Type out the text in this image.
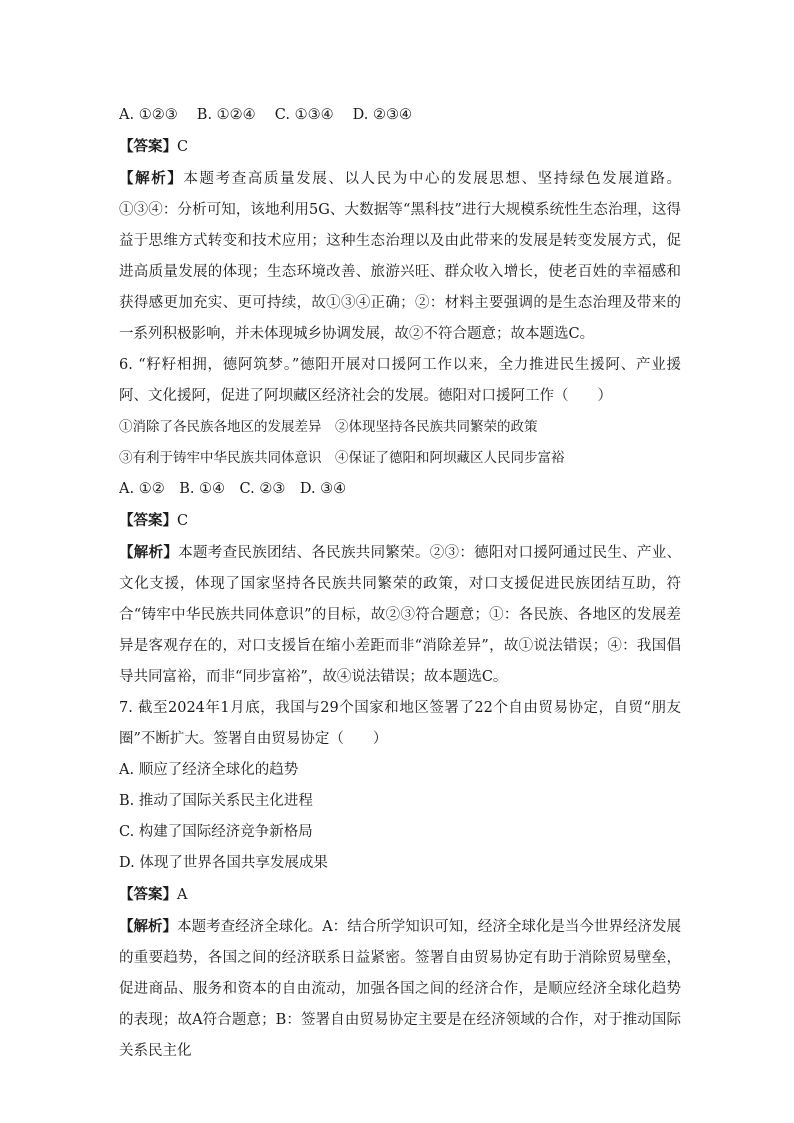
A. ①②③　 B. ①②④　 C. ①③④　 D. ②③④
【答案】C
【解析】本题考查高质量发展、以人民为中心的发展思想、坚持绿色发展道路。①③④：分析可知，该地利用5G、大数据等“黑科技”进行大规模系统性生态治理，这得益于思维方式转变和技术应用；这种生态治理以及由此带来的发展是转变发展方式，促进高质量发展的体现；生态环境改善、旅游兴旺、群众收入增长，使老百姓的幸福感和获得感更加充实、更可持续，故①③④正确；②：材料主要强调的是生态治理及带来的一系列积极影响，并未体现城乡协调发展，故②不符合题意；故本题选C。
6. “籽籽相拥，德阿筑梦。”德阳开展对口援阿工作以来，全力推进民生援阿、产业援阿、文化援阿，促进了阿坝藏区经济社会的发展。德阳对口援阿工作（　　）
①消除了各民族各地区的发展差异　②体现坚持各民族共同繁荣的政策
③有利于铸牢中华民族共同体意识　④保证了德阳和阿坝藏区人民同步富裕
A. ①②　B. ①④　C. ②③　D. ③④
【答案】C
【解析】本题考查民族团结、各民族共同繁荣。②③：德阳对口援阿通过民生、产业、文化支援，体现了国家坚持各民族共同繁荣的政策，对口支援促进民族团结互助，符合“铸牢中华民族共同体意识”的目标，故②③符合题意；①：各民族、各地区的发展差异是客观存在的，对口支援旨在缩小差距而非“消除差异”，故①说法错误；④：我国倡导共同富裕，而非“同步富裕”，故④说法错误；故本题选C。
7. 截至2024年1月底，我国与29个国家和地区签署了22个自由贸易协定，自贸“朋友圈”不断扩大。签署自由贸易协定（　　）
A. 顺应了经济全球化的趋势
B. 推动了国际关系民主化进程
C. 构建了国际经济竞争新格局
D. 体现了世界各国共享发展成果
【答案】A
【解析】本题考查经济全球化。A：结合所学知识可知，经济全球化是当今世界经济发展的重要趋势，各国之间的经济联系日益紧密。签署自由贸易协定有助于消除贸易壁垒，促进商品、服务和资本的自由流动，加强各国之间的经济合作，是顺应经济全球化趋势的表现；故A符合题意；B：签署自由贸易协定主要是在经济领域的合作，对于推动国际关系民主化
